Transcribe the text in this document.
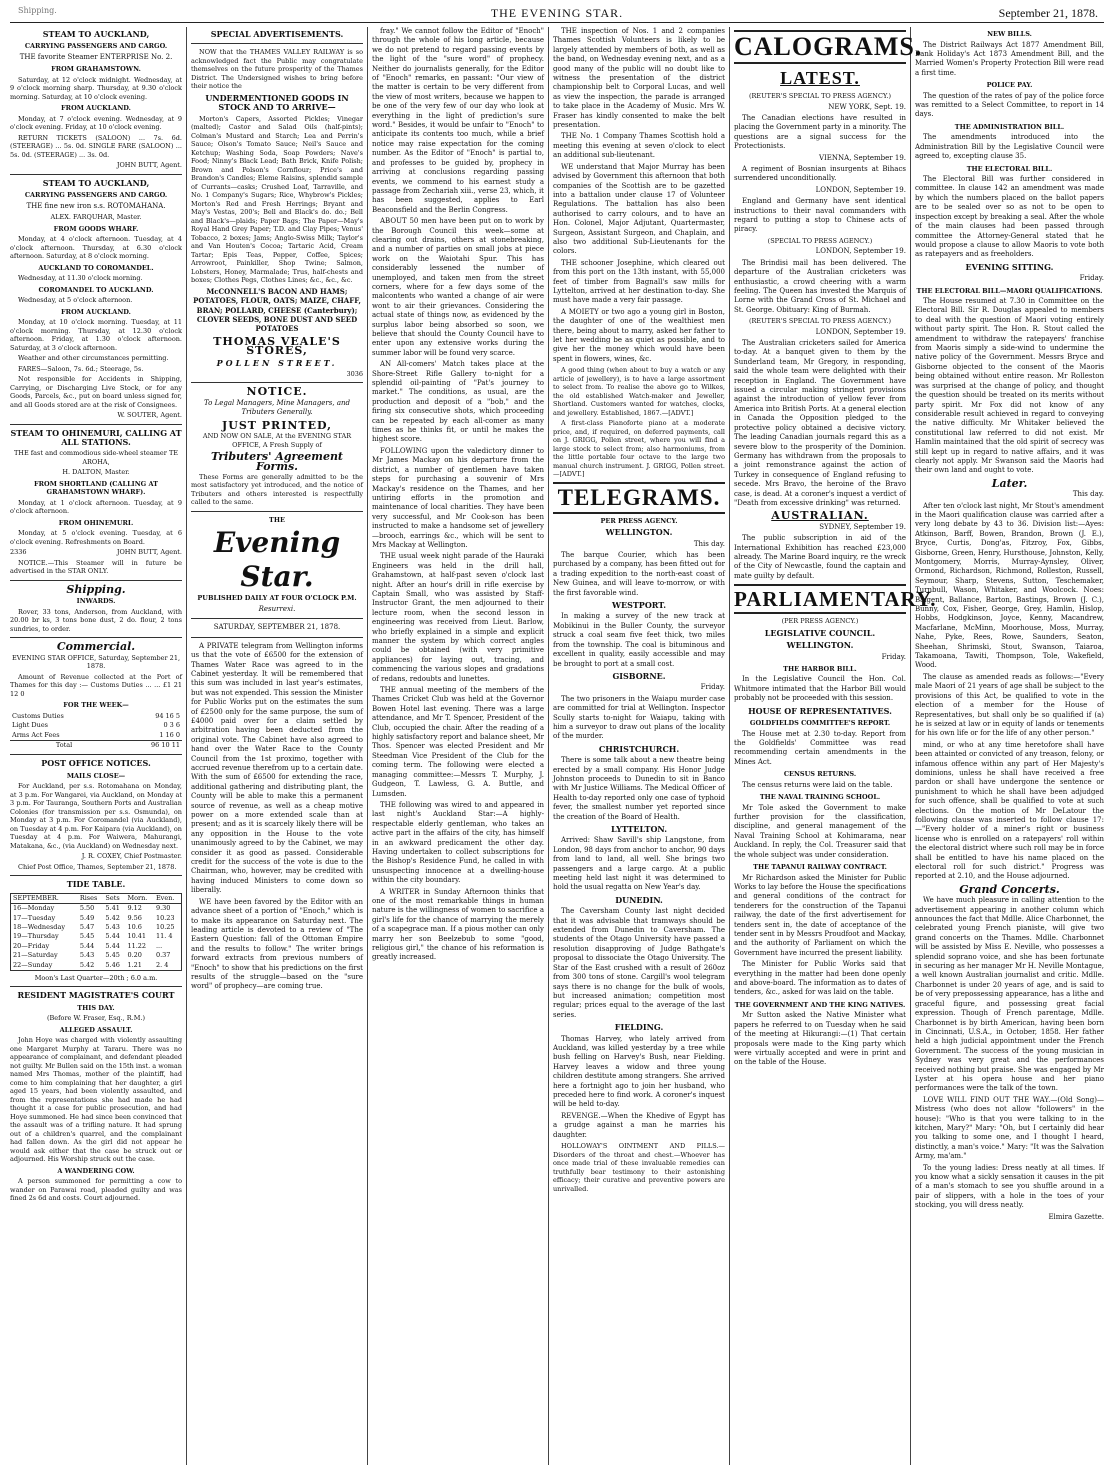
Shipping.	THE EVENING STAR.	September 21, 1878.
STEAM TO AUCKLAND,
CARRYING PASSENGERS AND CARGO.

THE favorite Steamer ENTERPRISE No. 2.

FROM GRAHAMSTOWN.

Saturday, at 12 o'clock midnight. Wednesday, at 9 o'clock morning sharp. Thursday, at 9.30 o'clock morning. Saturday, at 10 o'clock evening.

FROM AUCKLAND.

Monday, at 7 o'clock evening. Wednesday, at 9 o'clock evening. Friday, at 10 o'clock evening.

RETURN TICKETS (SALOON) ... 7s. 6d. (STEERAGE) ... 5s. 0d. SINGLE FARE (SALOON) ... 5s. 0d. (STEERAGE) ... 3s. 0d.

JOHN BUTT, Agent.

STEAM TO AUCKLAND,
CARRYING PASSENGERS AND CARGO.

THE fine new iron s.s. ROTOMAHANA.

ALEX. FARQUHAR, Master.

FROM GOODS WHARF.

Monday, at 4 o'clock afternoon. Tuesday, at 4 o'clock afternoon. Thursday, at 6.30 o'clock afternoon. Saturday, at 8 o'clock morning.

AUCKLAND TO COROMANDEL.

Wednesday, at 11.30 o'clock morning.

COROMANDEL TO AUCKLAND.

Wednesday, at 5 o'clock afternoon.

FROM AUCKLAND.

Monday, at 10 o'clock morning. Tuesday, at 11 o'clock morning. Thursday, at 12.30 o'clock afternoon. Friday, at 1.30 o'clock afternoon. Saturday, at 3 o'clock afternoon.

Weather and other circumstances permitting.

FARES—Saloon, 7s. 6d.; Steerage, 5s.

Not responsible for Accidents in Shipping, Carrying, or Discharging Live Stock, or for any Goods, Parcels, &c., put on board unless signed for, and all Goods stored are at the risk of Consignees.

W. SOUTER, Agent.

STEAM TO OHINEMURI, CALLING AT ALL STATIONS.

THE fast and commodious side-wheel steamer TE AROHA,

H. DALTON, Master.

FROM SHORTLAND (CALLING AT GRAHAMSTOWN WHARF).

Monday, at 1 o'clock afternoon. Tuesday, at 9 o'clock afternoon.

FROM OHINEMURI.

Monday, at 5 o'clock evening. Tuesday, at 6 o'clock evening. Refreshments on Board.

2336	JOHN BUTT, Agent.

NOTICE.—This Steamer will in future be advertised in the STAR ONLY.

Shipping.
INWARDS.

Rover, 33 tons, Anderson, from Auckland, with 20.00 br ks, 3 tons bone dust, 2 do. flour, 2 tons sundries, to order.

Commercial.

EVENING STAR OFFICE, Saturday, September 21, 1878.

Amount of Revenue collected at the Port of Thames for this day :— Customs Duties ... ... £1 21 12 0

FOR THE WEEK—
Customs Duties	94 16 5
Light Dues	0 3 6
Arms Act Fees	1 16 0
Total	96 10 11
POST OFFICE NOTICES.
MAILS CLOSE—

For Auckland, per s.s. Rotomahana on Monday, at 3 p.m. For Wangarei, via Auckland, on Monday at 3 p.m. For Tauranga, Southern Ports and Australian Colonies (for transmission per s.s. Osmunda), on Monday at 3 p.m. For Coromandel (via Auckland), on Tuesday at 4 p.m. For Kaipara (via Auckland), on Tuesday at 4 p.m. For Waiwera, Mahurangi, Matakana, &c., (via Auckland) on Wednesday next.

J. R. COXEY, Chief Postmaster.

Chief Post Office, Thames, September 21, 1878.

TIDE TABLE.
SEPTEMBER.	Rises	Sets	Morn.	Even.
16—Monday	5.50	5.41	9.12	9.30
17—Tuesday	5.49	5.42	9.56	10.23
18—Wednesday	5.47	5.43	10.6	10.25
19—Thursday	5.45	5.44	10.41	11. 4
20—Friday	5.44	5.44	11.22	...
21—Saturday	5.43	5.45	0.20	0.37
22—Sunday	5.42	5.46	1.21	2. 4

Moon's Last Quarter—20th ; 6.0 a.m.

RESIDENT MAGISTRATE'S COURT
THIS DAY.

(Before W. Fraser, Esq., R.M.)

ALLEGED ASSAULT.

John Hoye was charged with violently assaulting one Margaret Murphy at Tararu. There was no appearance of complainant, and defendant pleaded not guilty. Mr Bullen said on the 15th inst. a woman named Mrs Thomas, mother of the plaintiff, had come to him complaining that her daughter, a girl aged 15 years, had been violently assaulted, and from the representations she had made he had thought it a case for public prosecution, and had Hoye summoned. He had since been convinced that the assault was of a trifling nature. It had sprung out of a children's quarrel, and the complainant had fallen down. As the girl did not appear he would ask either that the case be struck out or adjourned. His Worship struck out the case.

A WANDERING COW.

A person summoned for permitting a cow to wander on Parawai road, pleaded guilty and was fined 2s 6d and costs. Court adjourned.

SPECIAL ADVERTISEMENTS.

NOW that the THAMES VALLEY RAILWAY is so acknowledged fact the Public may congratulate themselves on the future prosperity of the Thames District. The Undersigned wishes to bring before their notice the

UNDERMENTIONED GOODS IN STOCK AND TO ARRIVE—

Morton's Capers, Assorted Pickles; Vinegar (malted); Castor and Salad Oils (half-pints); Colman's Mustard and Starch; Lea and Perrin's Sauce; Olson's Tomato Sauce; Neil's Sauce and Ketchup; Washing Soda, Soap Powders; Nave's Food; Ninny's Black Lead; Bath Brick, Knife Polish; Brown and Polson's Cornflour; Price's and Brandon's Candles; Eleme Raisins, splendid sample of Currants—casks; Crushed Loaf, Tarraville, and No. 1 Company's Sugars; Rice, Whybrow's Pickles; Morton's Red and Fresh Herrings; Bryant and May's Vestas, 200's; Bell and Black's do. do.; Bell and Black's—plaids; Paper Bags; The Paper—May's Royal Hand Grey Paper; T.D. and Clay Pipes; Venus' Tobacco, 2 boxes; Jams; Anglo-Swiss Milk; Taylor's and Van Houten's Cocoa; Tartaric Acid, Cream Tartar; Epis Teas, Pepper, Coffee, Spices; Arrowroot, Painkiller, Shop Twine; Salmon, Lobsters, Honey, Marmalade; Trus, half-chests and boxes; Clothes Pegs, Clothes Lines; &c., &c., &c.

McCONNELL'S BACON AND HAMS; POTATOES, FLOUR, OATS; MAIZE, CHAFF, BRAN; POLLARD, CHEESE (Canterbury); CLOVER SEEDS, BONE DUST AND SEED POTATOES

THOMAS VEALE'S STORES,
POLLEN STREET.

3036

NOTICE.

To Legal Managers, Mine Managers, and Tributers Generally.

JUST PRINTED,

AND NOW ON SALE, At the EVENING STAR OFFICE, A Fresh Supply of

Tributers' Agreement Forms.

These Forms are generally admitted to be the most satisfactory yet introduced, and the notice of Tributers and others interested is respectfully called to the same.

THE
Evening Star.

PUBLISHED DAILY AT FOUR O'CLOCK P.M.

Resurrexi.

SATURDAY, SEPTEMBER 21, 1878.

A PRIVATE telegram from Wellington informs us that the vote of £6500 for the extension of Thames Water Race was agreed to in the Cabinet yesterday. It will be remembered that this sum was included in last year's estimates, but was not expended. This session the Minister for Public Works put on the estimates the sum of £2500 only for the same purpose, the sum of £4000 paid over for a claim settled by arbitration having been deducted from the original vote. The Cabinet have also agreed to hand over the Water Race to the County Council from the 1st proximo, together with accrued revenue therefrom up to a certain date. With the sum of £6500 for extending the race, additional gathering and distributing plant, the County will be able to make this a permanent source of revenue, as well as a cheap motive power on a more extended scale than at present; and as it is scarcely likely there will be any opposition in the House to the vote unanimously agreed to by the Cabinet, we may consider it as good as passed. Considerable credit for the success of the vote is due to the Chairman, who, however, may be credited with having induced Ministers to come down so liberally.

WE have been favored by the Editor with an advance sheet of a portion of "Enoch," which is to make its appearance on Saturday next. The leading article is devoted to a review of "The Eastern Question: fall of the Ottoman Empire and the results to follow." The writer brings forward extracts from previous numbers of "Enoch" to show that his predictions on the first results of the struggle—based on the "sure word" of prophecy—are coming true.

fray." We cannot follow the Editor of "Enoch" through the whole of his long article, because we do not pretend to regard passing events by the light of the "sure word" of prophecy. Neither do journalists generally, for the Editor of "Enoch" remarks, en passant: "Our view of the matter is certain to be very different from the view of most writers, because we happen to be one of the very few of our day who look at everything in the light of prediction's sure word." Besides, it would be unfair to "Enoch" to anticipate its contents too much, while a brief notice may raise expectation for the coming number. As the Editor of "Enoch" is partial to, and professes to be guided by, prophecy in arriving at conclusions regarding passing events, we commend to his earnest study a passage from Zechariah xiii., verse 23, which, it has been suggested, applies to Earl Beaconsfield and the Berlin Congress.

ABOUT 50 men have been put on to work by the Borough Council this week—some at clearing out drains, others at stonebreaking, and a number of parties on small jobs at piece work on the Waiotahi Spur. This has considerably lessened the number of unemployed, and taken men from the street corners, where for a few days some of the malcontents who wanted a change of air were wont to air their grievances. Considering the actual state of things now, as evidenced by the surplus labor being absorbed so soon, we believe that should the County Council have to enter upon any extensive works during the summer labor will be found very scarce.

AN All-comers' Match takes place at the Shore-Street Rifle Gallery to-night for a splendid oil-painting of "Pat's journey to market." The conditions, as usual, are the production and deposit of a "bob," and the firing six consecutive shots, which proceeding can be repeated by each all-comer as many times as he thinks fit, or until he makes the highest score.

FOLLOWING upon the valedictory dinner to Mr James Mackay on his departure from the district, a number of gentlemen have taken steps for purchasing a souvenir of Mrs Mackay's residence on the Thames, and her untiring efforts in the promotion and maintenance of local charities. They have been very successful, and Mr Cook-son has been instructed to make a handsome set of jewellery—brooch, earrings &c., which will be sent to Mrs Mackay at Wellington.

THE usual week night parade of the Hauraki Engineers was held in the drill hall, Grahamstown, at half-past seven o'clock last night. After an hour's drill in rifle exercise by Captain Small, who was assisted by Staff-Instructor Grant, the men adjourned to their lecture room, when the second lesson in engineering was received from Lieut. Barlow, who briefly explained in a simple and explicit manner the system by which correct angles could be obtained (with very primitive appliances) for laying out, tracing, and commencing the various slopes and gradations of redans, redoubts and lunettes.

THE annual meeting of the members of the Thames Cricket Club was held at the Governor Bowen Hotel last evening. There was a large attendance, and Mr T. Spencer, President of the Club, occupied the chair. After the reading of a highly satisfactory report and balance sheet, Mr Thos. Spencer was elected President and Mr Steedman Vice President of the Club for the coming term. The following were elected a managing committee:—Messrs T. Murphy, J. Gudgeon, T. Lawless, G. A. Buttle, and Lumsden.

THE following was wired to and appeared in last night's Auckland Star:—A highly-respectable elderly gentleman, who takes an active part in the affairs of the city, has himself in an awkward predicament the other day. Having undertaken to collect subscriptions for the Bishop's Residence Fund, he called in with unsuspecting innocence at a dwelling-house within the city boundary.

A WRITER in Sunday Afternoon thinks that one of the most remarkable things in human nature is the willingness of women to sacrifice a girl's life for the chance of marrying the merely of a scapegrace man. If a pious mother can only marry her son Beelzebub to some "good, religious girl," the chance of his reformation is greatly increased.

THE inspection of Nos. 1 and 2 companies Thames Scottish Volunteers is likely to be largely attended by members of both, as well as the band, on Wednesday evening next, and as a good many of the public will no doubt like to witness the presentation of the district championship belt to Corporal Lucas, and well as view the inspection, the parade is arranged to take place in the Academy of Music. Mrs W. Fraser has kindly consented to make the belt presentation.

THE No. 1 Company Thames Scottish hold a meeting this evening at seven o'clock to elect an additional sub-lieutenant.

WE understand that Major Murray has been advised by Government this afternoon that both companies of the Scottish are to be gazetted into a battalion under clause 17 of Volunteer Regulations. The battalion has also been authorised to carry colours, and to have an Hon. Colonel, Major Adjutant, Quartermaster, Surgeon, Assistant Surgeon, and Chaplain, and also two additional Sub-Lieutenants for the colors.

THE schooner Josephine, which cleared out from this port on the 13th instant, with 55,000 feet of timber from Bagnall's saw mills for Lyttelton, arrived at her destination to-day. She must have made a very fair passage.

A MOIETY or two ago a young girl in Boston, the daughter of one of the wealthiest men there, being about to marry, asked her father to let her wedding be as quiet as possible, and to give her the money which would have been spent in flowers, wines, &c.

A good thing (when about to buy a watch or any article of jewellery), is to have a large assortment to select from. To realise the above go to Wilkes, the old established Watch-maker and Jeweller, Shortland. Customers wanted for watches, clocks, and jewellery. Established, 1867.—[ADVT.]

A first-class Pianoforte piano at a moderate price, and, if required, on deferred payments, call on J. GRIGG, Pollen street, where you will find a large stock to select from; also harmoniums, from the little portable four octave to the large two manual church instrument. J. GRIGG, Pollen street.—[ADVT.]

TELEGRAMS.
PER PRESS AGENCY.
WELLINGTON.

This day.

The barque Courier, which has been purchased by a company, has been fitted out for a trading expedition to the north-east coast of New Guinea, and will leave to-morrow, or with the first favorable wind.

WESTPORT.

In making a survey of the new track at Mobikinui in the Buller County, the surveyor struck a coal seam five feet thick, two miles from the township. The coal is bituminous and excellent in quality, easily accessible and may be brought to port at a small cost.

GISBORNE.

Friday.

The two prisoners in the Waiapu murder case are committed for trial at Wellington. Inspector Scully starts to-night for Waiapu, taking with him a surveyor to draw out plans of the locality of the murder.

CHRISTCHURCH.

There is some talk about a new theatre being erected by a small company. His Honor Judge Johnston proceeds to Dunedin to sit in Banco with Mr Justice Williams. The Medical Officer of Health to-day reported only one case of typhoid fever, the smallest number yet reported since the creation of the Board of Health.

LYTTELTON.

Arrived: Shaw Savill's ship Langstone, from London, 98 days from anchor to anchor, 90 days from land to land, all well. She brings two passengers and a large cargo. At a public meeting held last night it was determined to hold the usual regatta on New Year's day.

DUNEDIN.

The Caversham County last night decided that it was advisable that tramways should be extended from Dunedin to Caversham. The students of the Otago University have passed a resolution disapproving of Judge Bathgate's proposal to dissociate the Otago University. The Star of the East crushed with a result of 260oz from 300 tons of stone. Cargill's wool telegram says there is no change for the bulk of wools, but increased animation; competition most regular; prices equal to the average of the last series.

FIELDING.

Thomas Harvey, who lately arrived from Auckland, was killed yesterday by a tree while bush felling on Harvey's Bush, near Fielding. Harvey leaves a widow and three young children destitute among strangers. She arrived here a fortnight ago to join her husband, who preceded here to find work. A coroner's inquest will be held to-day.

REVENGE.—When the Khedive of Egypt has a grudge against a man he marries his daughter.

HOLLOWAY'S OINTMENT AND PILLS.—Disorders of the throat and chest.—Whoever has once made trial of these invaluable remedies can truthfully bear testimony to their astonishing efficacy; their curative and preventive powers are unrivalled.

CALOGRAMS.
LATEST.

(REUTER'S SPECIAL TO PRESS AGENCY.)

NEW YORK, Sept. 19.

The Canadian elections have resulted in placing the Government party in a minority. The questions are a signal success for the Protectionists.

VIENNA, September 19.

A regiment of Bosnian insurgents at Bihacs surrendered unconditionally.

LONDON, September 19.

England and Germany have sent identical instructions to their naval commanders with regard to putting a stop to Chinese acts of piracy.

(SPECIAL TO PRESS AGENCY.)

LONDON, September 19.

The Brindisi mail has been delivered. The departure of the Australian cricketers was enthusiastic, a crowd cheering with a warm feeling. The Queen has invested the Marquis of Lorne with the Grand Cross of St. Michael and St. George. Obituary: King of Burmah.

(REUTER'S SPECIAL TO PRESS AGENCY.)

LONDON, September 19.

The Australian cricketers sailed for America to-day. At a banquet given to them by the Sunderland team, Mr Gregory, in responding, said the whole team were delighted with their reception in England. The Government have issued a circular making stringent provisions against the introduction of yellow fever from America into British Ports. At a general election in Canada the Opposition pledged to the protective policy obtained a decisive victory. The leading Canadian journals regard this as a severe blow to the prosperity of the Dominion. Germany has withdrawn from the proposals to a joint remonstrance against the action of Turkey in consequence of England refusing to secede. Mrs Bravo, the heroine of the Bravo case, is dead. At a coroner's inquest a verdict of "Death from excessive drinking" was returned.

AUSTRALIAN.

SYDNEY, September 19.

The public subscription in aid of the International Exhibition has reached £23,000 already. The Marine Board inquiry, re the wreck of the City of Newcastle, found the captain and mate guilty by default.

PARLIAMENTARY.

(PER PRESS AGENCY.)

LEGISLATIVE COUNCIL.
WELLINGTON.

Friday.

THE HARBOR BILL.

In the Legislative Council the Hon. Col. Whitmore intimated that the Harbor Bill would probably not be proceeded with this session.

HOUSE OF REPRESENTATIVES.
GOLDFIELDS COMMITTEE'S REPORT.

The House met at 2.30 to-day. Report from the Goldfields' Committee was read recommending certain amendments in the Mines Act.

CENSUS RETURNS.

The census returns were laid on the table.

THE NAVAL TRAINING SCHOOL.

Mr Tole asked the Government to make further provision for the classification, discipline, and general management of the Naval Training School at Kohimarama, near Auckland. In reply, the Col. Treasurer said that the whole subject was under consideration.

THE TAPANUI RAILWAY CONTRACT.

Mr Richardson asked the Minister for Public Works to lay before the House the specifications and general conditions of the contract for tenderers for the construction of the Tapanui railway, the date of the first advertisement for tenders sent in, the date of acceptance of the tender sent in by Messrs Proudfoot and Mackay, and the authority of Parliament on which the Government have incurred the present liability.

The Minister for Public Works said that everything in the matter had been done openly and above-board. The information as to dates of tenders, &c., asked for was laid on the table.

THE GOVERNMENT AND THE KING NATIVES.

Mr Sutton asked the Native Minister what papers he referred to on Tuesday when he said of the meeting at Hikurangi:—(1) That certain proposals were made to the King party which were virtually accepted and were in print and on the table of the House.

NEW BILLS.

The District Railways Act 1877 Amendment Bill, Bank Holiday's Act 1873 Amendment Bill, and the Married Women's Property Protection Bill were read a first time.

POLICE PAY.

The question of the rates of pay of the police force was remitted to a Select Committee, to report in 14 days.

THE ADMINISTRATION BILL.

The amendments introduced into the Administration Bill by the Legislative Council were agreed to, excepting clause 35.

THE ELECTORAL BILL.

The Electoral Bill was further considered in committee. In clause 142 an amendment was made by which the numbers placed on the ballot papers are to be sealed over so as not to be open to inspection except by breaking a seal. After the whole of the main clauses had been passed through committee the Attorney-General stated that he would propose a clause to allow Maoris to vote both as ratepayers and as freeholders.

EVENING SITTING.

Friday.

THE ELECTORAL BILL—MAORI QUALIFICATIONS.

The House resumed at 7.30 in Committee on the Electoral Bill. Sir R. Douglas appealed to members to deal with the question of Maori voting entirely without party spirit. The Hon. R. Stout called the amendment to withdraw the ratepayers' franchise from Maoris simply a side-wind to undermine the native policy of the Government. Messrs Bryce and Gisborne objected to the consent of the Maoris being obtained without entire reason. Mr Rolleston was surprised at the change of policy, and thought the question should be treated on its merits without party spirit. Mr Fox did not know of any considerable result achieved in regard to conveying the native difficulty. Mr Whitaker believed the constitutional law referred to did not exist. Mr Hamlin maintained that the old spirit of secrecy was still kept up in regard to native affairs, and it was clearly not apply. Mr Swanson said the Maoris had their own land and ought to vote.

Later.

This day.

After ten o'clock last night, Mr Stout's amendment in the Maori qualification clause was carried after a very long debate by 43 to 36. Division list:—Ayes: Atkinson, Barff, Bowen, Brandon, Brown (J. E.), Bryce, Curtis, Dong'as, Fitzroy, Fox, Gibbs, Gisborne, Green, Henry, Hursthouse, Johnston, Kelly, Montgomery, Morris, Murray-Aynsley, Oliver, Ormond, Richardson, Richmond, Rolleston, Russell, Seymour, Sharp, Stevens, Sutton, Teschemaker, Turnbull, Wason, Whitaker, and Woolcock. Noes: Baigent, Ballance, Barton, Bastings, Brown (J. C.), Bunny, Cox, Fisher, George, Grey, Hamlin, Hislop, Hobbs, Hodgkinson, Joyce, Kenny, Macandrew, Macfarlane, McMinn, Moorhouse, Moss, Murray, Nahe, Pyke, Rees, Rowe, Saunders, Seaton, Sheehan, Shrimski, Stout, Swanson, Taiaroa, Takamoana, Tawiti, Thompson, Tole, Wakefield, Wood.

The clause as amended reads as follows:—"Every male Maori of 21 years of age shall be subject to the provisions of this Act, be qualified to vote in the election of a member for the House of Representatives, but shall only be so qualified if (a) he is seized at law or in equity of lands or tenements for his own life or for the life of any other person."

mind, or who at any time heretofore shall have been attainted or convicted of any treason, felony, or infamous offence within any part of Her Majesty's dominions, unless he shall have received a free pardon or shall have undergone the sentence or punishment to which he shall have been adjudged for such offence, shall be qualified to vote at such elections. On the motion of Mr DeLatour the following clause was inserted to follow clause 17:—"Every holder of a miner's right or business license who is enrolled on a ratepayers' roll within the electoral district where such roll may be in force shall be entitled to have his name placed on the electoral roll for such district." Progress was reported at 2.10, and the House adjourned.

Grand Concerts.

We have much pleasure in calling attention to the advertisement appearing in another column which announces the fact that Mdlle. Alice Charbonnet, the celebrated young French pianiste, will give two grand concerts on the Thames. Mdlle. Charbonnet will be assisted by Miss E. Neville, who possesses a splendid soprano voice, and she has been fortunate in securing as her manager Mr H. Neville Montague, a well known Australian journalist and critic. Mdlle. Charbonnet is under 20 years of age, and is said to be of very prepossessing appearance, has a lithe and graceful figure, and possessing great facial expression. Though of French parentage, Mdlle. Charbonnet is by birth American, having been born in Cincinnati, U.S.A., in October, 1858. Her father held a high judicial appointment under the French Government. The success of the young musician in Sydney was very great and the performances received nothing but praise. She was engaged by Mr Lyster at his opera house and her piano performances were the talk of the town.

LOVE WILL FIND OUT THE WAY.—(Old Song)—Mistress (who does not allow "followers" in the house): "Who is that you were talking to in the kitchen, Mary?" Mary: "Oh, but I certainly did hear you talking to some one, and I thought I heard, distinctly, a man's voice." Mary: "It was the Salvation Army, ma'am."

To the young ladies: Dress neatly at all times. If you know what a sickly sensation it causes in the pit of a man's stomach to see you shuffle around in a pair of slippers, with a hole in the toes of your stocking, you will dress neatly.

Elmira Gazette.
